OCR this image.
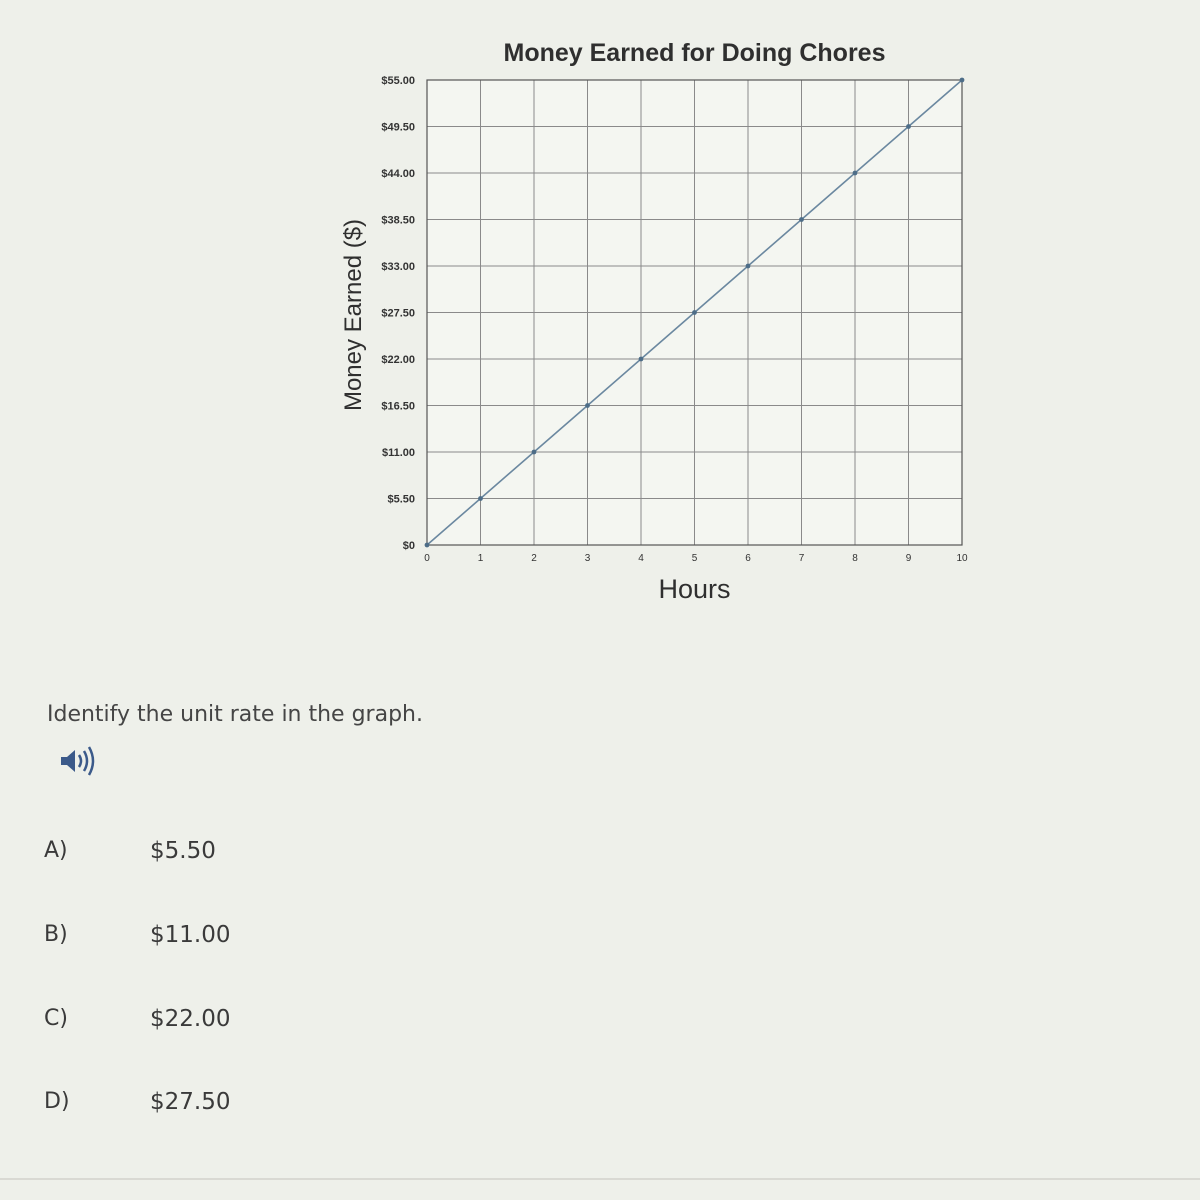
0	1	2	3	4	5	6	7	8	9	10
$0
$5.50
$11.00
$16.50
$22.00
$27.50
$33.00
$38.50
$44.00
$49.50
$55.00
Money Earned for Doing Chores
Hours
Money Earned ($)

Identify the unit rate in the graph.

A)	$5.50
B)	$11.00
C)	$22.00
D)	$27.50
